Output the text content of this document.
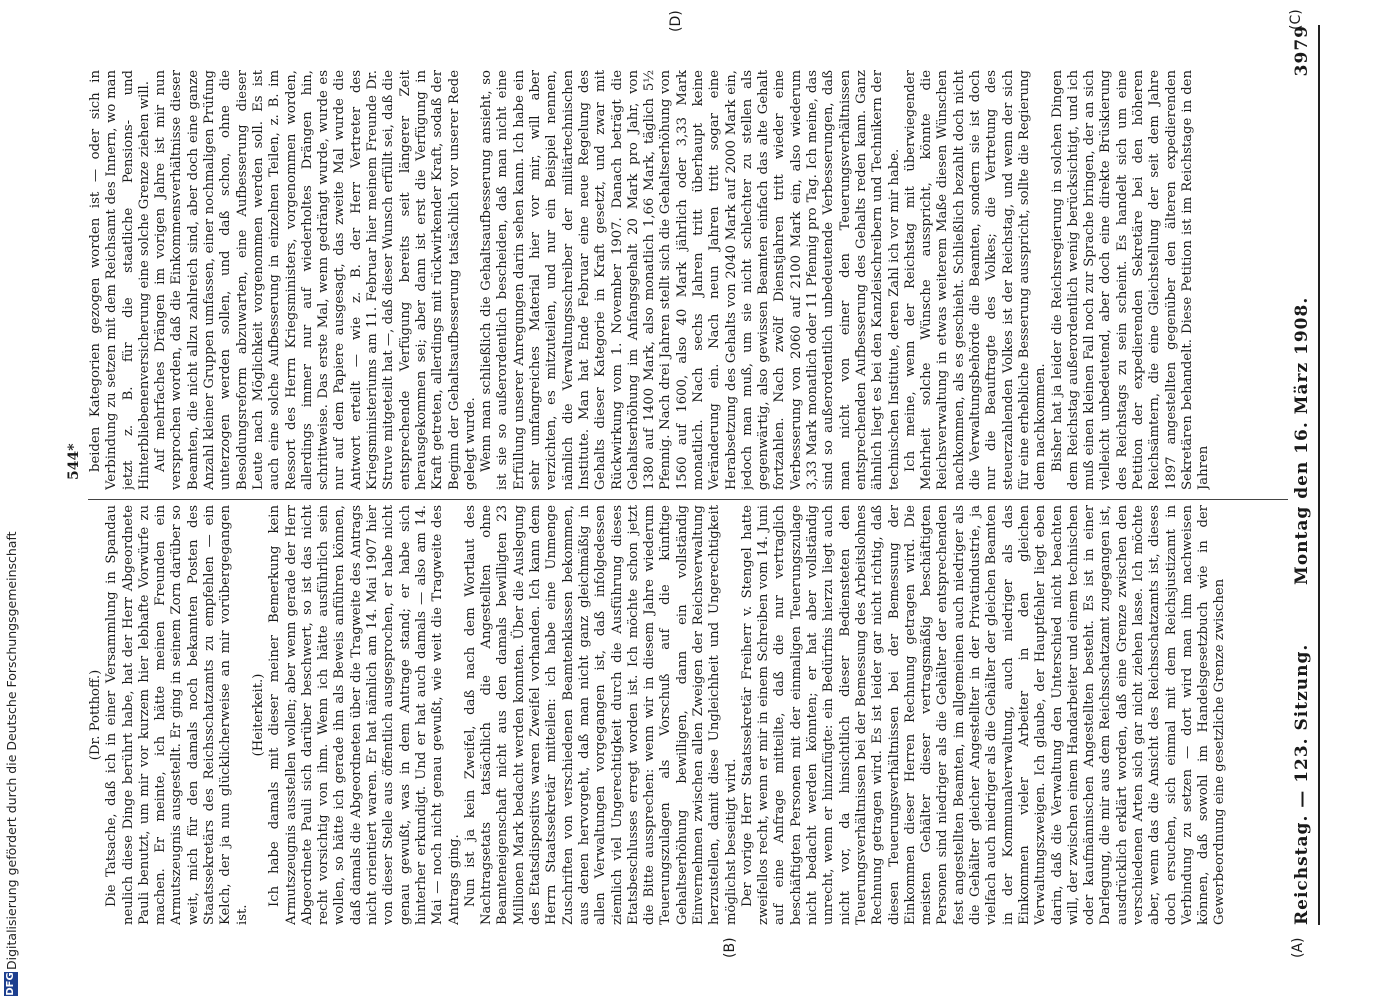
Reichstag. — 123. Sitzung.
Montag den 16. März 1908.
3979
(A)
(B)
(C)
(D)

(Dr. Potthoff.) Die Tatsache, daß ich in einer Versammlung in Spandau neulich diese Dinge berührt habe, hat der Herr Abgeordnete Pauli benutzt, um mir vor kurzem hier lebhafte Vorwürfe zu machen. Er meinte, ich hätte meinen Freunden ein Armutszeugnis ausgestellt. Er ging in seinem Zorn darüber so weit, mich für den damals noch bekannten Posten des Staatssekretärs des Reichsschatzamts zu empfehlen — ein Kelch, der ja nun glücklicherweise an mir vorübergegangen ist.

(Heiterkeit.) Ich habe damals mit dieser meiner Bemerkung kein Armutszeugnis ausstellen wollen; aber wenn gerade der Herr Abgeordnete Pauli sich darüber beschwert, so ist das nicht recht vorsichtig von ihm. Wenn ich hätte ausführlich sein wollen, so hätte ich gerade ihn als Beweis anführen können, daß damals die Abgeordneten über die Tragweite des Antrags nicht orientiert waren. Er hat nämlich am 14. Mai 1907 hier von dieser Stelle aus öffentlich ausgesprochen, er habe nicht genau gewußt, was in dem Antrage stand; er habe sich hinterher erkundigt. Und er hat auch damals — also am 14. Mai — noch nicht genau gewußt, wie weit die Tragweite des Antrags ging. Nun ist ja kein Zweifel, daß nach dem Wortlaut des Nachtragsetats tatsächlich die Angestellten ohne Beamteneigenschaft nicht aus den damals bewilligten 23 Millionen Mark bedacht werden konnten. Über die Auslegung des Etatsdispositivs waren Zweifel vorhanden. Ich kann dem Herrn Staatssekretär mitteilen: ich habe eine Unmenge Zuschriften von verschiedenen Beamtenklassen bekommen, aus denen hervorgeht, daß man nicht ganz gleichmäßig in allen Verwaltungen vorgegangen ist, daß infolgedessen ziemlich viel Ungerechtigkeit durch die Ausführung dieses Etatsbeschlusses erregt worden ist. Ich möchte schon jetzt die Bitte aussprechen: wenn wir in diesem Jahre wiederum Teuerungszulagen als Vorschuß auf die künftige Gehaltserhöhung bewilligen, dann ein vollständig Einvernehmen zwischen allen Zweigen der Reichsverwaltung herzustellen, damit diese Ungleichheit und Ungerechtigkeit möglichst beseitigt wird. Der vorige Herr Staatssekretär Freiherr v. Stengel hatte zweifellos recht, wenn er mir in einem Schreiben vom 14. Juni auf eine Anfrage mitteilte, daß die nur vertraglich beschäftigten Personen mit der einmaligen Teuerungszulage nicht bedacht werden könnten; er hat aber vollständig unrecht, wenn er hinzufügte: ein Bedürfnis hierzu liegt auch nicht vor, da hinsichtlich dieser Bediensteten den Teuerungsverhältnissen bei der Bemessung des Arbeitslohnes Rechnung getragen wird. Es ist leider gar nicht richtig, daß diesen Teuerungsverhältnissen bei der Bemessung der Einkommen dieser Herren Rechnung getragen wird. Die meisten Gehälter dieser vertragsmäßig beschäftigten Personen sind niedriger als die Gehälter der entsprechenden fest angestellten Beamten, im allgemeinen auch niedriger als die Gehälter gleicher Angestellter in der Privatindustrie, ja vielfach auch niedriger als die Gehälter der gleichen Beamten in der Kommunalverwaltung, auch niedriger als das Einkommen vieler Arbeiter in den gleichen Verwaltungszweigen. Ich glaube, der Hauptfehler liegt eben darin, daß die Verwaltung den Unterschied nicht beachten will, der zwischen einem Handarbeiter und einem technischen oder kaufmännischen Angestellten besteht. Es ist in einer Darlegung, die mir aus dem Reichsschatzamt zugegangen ist, ausdrücklich erklärt worden, daß eine Grenze zwischen den verschiedenen Arten sich gar nicht ziehen lasse. Ich möchte aber, wenn das die Ansicht des Reichsschatzamts ist, dieses doch ersuchen, sich einmal mit dem Reichsjustizamt in Verbindung zu setzen — dort wird man ihm nachweisen können, daß sowohl im Handelsgesetzbuch wie in der Gewerbeordnung eine gesetzliche Grenze zwischen

beiden Kategorien gezogen worden ist — oder sich in Verbindung zu setzen mit dem Reichsamt des Innern, wo man jetzt z. B. für die staatliche Pensions- und Hinterbliebenenversicherung eine solche Grenze ziehen will. Auf mehrfaches Drängen im vorigen Jahre ist mir nun versprochen worden, daß die Einkommensverhältnisse dieser Beamten, die nicht allzu zahlreich sind, aber doch eine ganze Anzahl kleiner Gruppen umfassen, einer nochmaligen Prüfung unterzogen werden sollen, und daß schon, ohne die Besoldungsreform abzuwarten, eine Aufbesserung dieser Leute nach Möglichkeit vorgenommen werden soll. Es ist auch eine solche Aufbesserung in einzelnen Teilen, z. B. im Ressort des Herrn Kriegsministers, vorgenommen worden, allerdings immer nur auf wiederholtes Drängen hin, schrittweise. Das erste Mal, wenn gedrängt wurde, wurde es nur auf dem Papiere ausgesagt, das zweite Mal wurde die Antwort erteilt — wie z. B. der Herr Vertreter des Kriegsministeriums am 11. Februar hier meinem Freunde Dr. Struve mitgeteilt hat —, daß dieser Wunsch erfüllt sei, daß die entsprechende Verfügung bereits seit längerer Zeit herausgekommen sei; aber dann ist erst die Verfügung in Kraft getreten, allerdings mit rückwirkender Kraft, sodaß der Beginn der Gehaltsaufbesserung tatsächlich vor unserer Rede gelegt wurde. Wenn man schließlich die Gehaltsaufbesserung ansieht, so ist sie so außerordentlich bescheiden, daß man nicht eine Erfüllung unserer Anregungen darin sehen kann. Ich habe ein sehr umfangreiches Material hier vor mir, will aber verzichten, es mitzuteilen, und nur ein Beispiel nennen, nämlich die Verwaltungsschreiber der militärtechnischen Institute. Man hat Ende Februar eine neue Regelung des Gehalts dieser Kategorie in Kraft gesetzt, und zwar mit Rückwirkung vom 1. November 1907. Danach beträgt die Gehaltserhöhung im Anfangsgehalt 20 Mark pro Jahr, von 1380 auf 1400 Mark, also monatlich 1,66 Mark, täglich 5½ Pfennig. Nach drei Jahren stellt sich die Gehaltserhöhung von 1560 auf 1600, also 40 Mark jährlich oder 3,33 Mark monatlich. Nach sechs Jahren tritt überhaupt keine Veränderung ein. Nach neun Jahren tritt sogar eine Herabsetzung des Gehalts von 2040 Mark auf 2000 Mark ein, jedoch man muß, um sie nicht schlechter zu stellen als gegenwärtig, also gewissen Beamten einfach das alte Gehalt fortzahlen. Nach zwölf Dienstjahren tritt wieder eine Verbesserung von 2060 auf 2100 Mark ein, also wiederum 3,33 Mark monatlich oder 11 Pfennig pro Tag. Ich meine, das sind so außerordentlich unbedeutende Verbesserungen, daß man nicht von einer den Teuerungsverhältnissen entsprechenden Aufbesserung des Gehalts reden kann. Ganz ähnlich liegt es bei den Kanzleischreibern und Technikern der technischen Institute, deren Zahl ich vor mir habe. Ich meine, wenn der Reichstag mit überwiegender Mehrheit solche Wünsche ausspricht, könnte die Reichsverwaltung in etwas weiterem Maße diesen Wünschen nachkommen, als es geschieht. Schließlich bezahlt doch nicht die Verwaltungsbehörde die Beamten, sondern sie ist doch nur die Beauftragte des Volkes; die Vertretung des steuerzahlenden Volkes ist der Reichstag, und wenn der sich für eine erhebliche Besserung ausspricht, sollte die Regierung dem nachkommen. Bisher hat ja leider die Reichsregierung in solchen Dingen dem Reichstag außerordentlich wenig berücksichtigt, und ich muß einen kleinen Fall noch zur Sprache bringen, der an sich vielleicht unbedeutend, aber doch eine direkte Brüskierung des Reichstags zu sein scheint. Es handelt sich um eine Petition der expedierenden Sekretäre bei den höheren Reichsämtern, die eine Gleichstellung der seit dem Jahre 1897 angestellten gegenüber den älteren expedierenden Sekretären behandelt. Diese Petition ist im Reichstage in den Jahren

544*
DFG
Digitalisierung gefördert durch die Deutsche Forschungsgemeinschaft
